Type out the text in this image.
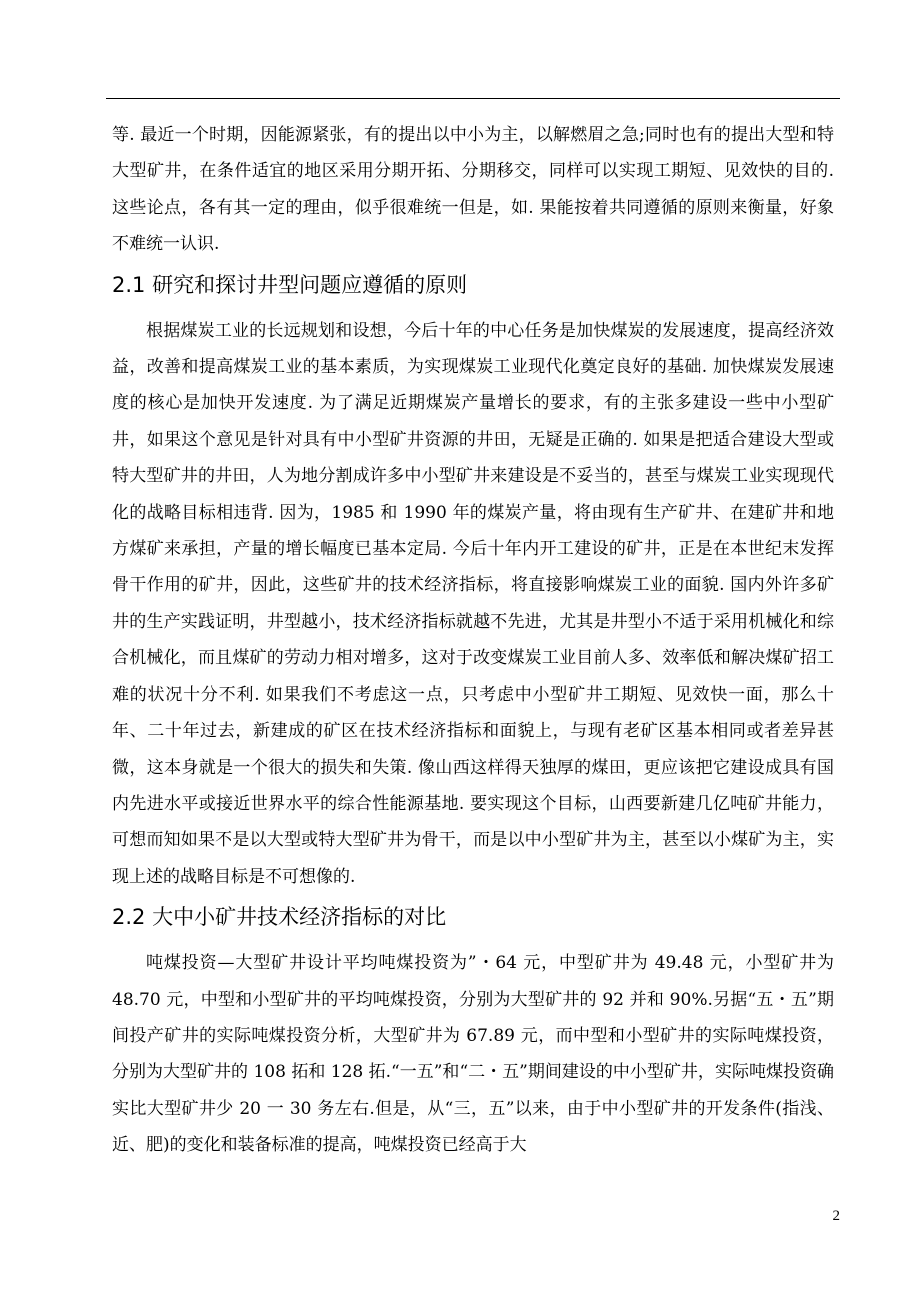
等. 最近一个时期，因能源紧张，有的提出以中小为主，以解燃眉之急;同时也有的提出大型和特大型矿井，在条件适宜的地区采用分期开拓、分期移交，同样可以实现工期短、见效快的目的. 这些论点，各有其一定的理由，似乎很难统一但是，如. 果能按着共同遵循的原则来衡量，好象不难统一认识.

2.1 研究和探讨井型问题应遵循的原则

根据煤炭工业的长远规划和设想，今后十年的中心任务是加快煤炭的发展速度，提高经济效益，改善和提高煤炭工业的基本素质，为实现煤炭工业现代化奠定良好的基础. 加快煤炭发展速度的核心是加快开发速度. 为了满足近期煤炭产量增长的要求，有的主张多建设一些中小型矿井，如果这个意见是针对具有中小型矿井资源的井田，无疑是正确的. 如果是把适合建设大型或特大型矿井的井田，人为地分割成许多中小型矿井来建设是不妥当的，甚至与煤炭工业实现现代化的战略目标相违背. 因为，1985 和 1990 年的煤炭产量，将由现有生产矿井、在建矿井和地方煤矿来承担，产量的增长幅度已基本定局. 今后十年内开工建设的矿井，正是在本世纪末发挥骨干作用的矿井，因此，这些矿井的技术经济指标，将直接影响煤炭工业的面貌. 国内外许多矿井的生产实践证明，井型越小，技术经济指标就越不先进，尤其是井型小不适于采用机械化和综合机械化，而且煤矿的劳动力相对增多，这对于改变煤炭工业目前人多、效率低和解决煤矿招工难的状况十分不利. 如果我们不考虑这一点，只考虑中小型矿井工期短、见效快一面，那么十年、二十年过去，新建成的矿区在技术经济指标和面貌上，与现有老矿区基本相同或者差异甚微，这本身就是一个很大的损失和失策. 像山西这样得天独厚的煤田，更应该把它建设成具有国内先进水平或接近世界水平的综合性能源基地. 要实现这个目标，山西要新建几亿吨矿井能力，可想而知如果不是以大型或特大型矿井为骨干，而是以中小型矿井为主，甚至以小煤矿为主，实现上述的战略目标是不可想像的.

2.2 大中小矿井技术经济指标的对比

吨煤投资—大型矿井设计平均吨煤投资为”・64 元，中型矿井为 49.48 元，小型矿井为 48.70 元，中型和小型矿井的平均吨煤投资，分别为大型矿井的 92 并和 90%.另据“五・五”期间投产矿井的实际吨煤投资分析，大型矿井为 67.89 元，而中型和小型矿井的实际吨煤投资，分别为大型矿井的 108 拓和 128 拓.“一五”和“二・五”期间建设的中小型矿井，实际吨煤投资确实比大型矿井少 20 一 30 务左右.但是，从“三，五”以来，由于中小型矿井的开发条件(指浅、近、肥)的变化和装备标准的提高，吨煤投资已经高于大

2
